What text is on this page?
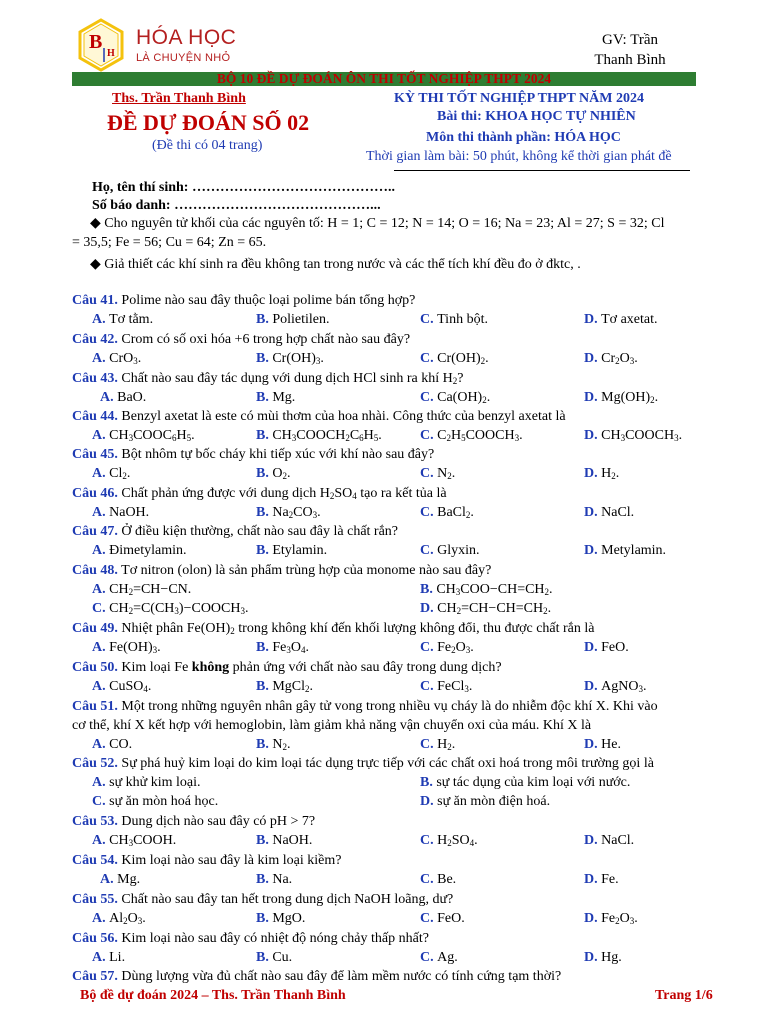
B
H
HÓA HỌC
LÀ CHUYỆN NHỎ
GV: Trần
Thanh Bình
BỘ 10 ĐỀ DỰ ĐOÁN ÔN THI TỐT NGHIỆP THPT 2024
Ths. Trần Thanh Bình
ĐỀ DỰ ĐOÁN SỐ 02
(Đề thi có 04 trang)
KỲ THI TỐT NGHIỆP THPT NĂM 2024
Bài thi: KHOA HỌC TỰ NHIÊN
Môn thi thành phần: HÓA HỌC
Thời gian làm bài: 50 phút, không kể thời gian phát đề
Họ, tên thí sinh: ……………………………………..
Số báo danh: ……………………………………...
◆ Cho nguyên tử khối của các nguyên tố: H = 1; C = 12; N = 14; O = 16; Na = 23; Al = 27; S = 32; Cl
= 35,5; Fe = 56; Cu = 64; Zn = 65.
◆ Giả thiết các khí sinh ra đều không tan trong nước và các thể tích khí đều đo ở đktc, .
Câu 41. Polime nào sau đây thuộc loại polime bán tổng hợp?
A. Tơ tằm.	B. Polietilen.	C. Tinh bột.	D. Tơ axetat.
Câu 42. Crom có số oxi hóa +6 trong hợp chất nào sau đây?
A. CrO$_3$.	B. $Cr(OH)_3$.	C. $Cr(OH)_2$.	D. $Cr_2O_3$.
Câu 43. Chất nào sau đây tác dụng với dung dịch HCl sinh ra khí $H_2$?
A. BaO.	B. Mg.	C. $Ca(OH)_2$.	D. $Mg(OH)_2$.
Câu 44. Benzyl axetat là este có mùi thơm của hoa nhài. Công thức của benzyl axetat là
A. $CH_3COOC_6H_5$.	B. $CH_3COOCH_2C_6H_5$.	C. $C_2H_5COOCH_3$.	D. $CH_3COOCH_3$.
Câu 45. Bột nhôm tự bốc cháy khi tiếp xúc với khí nào sau đây?
A. $Cl_2$.	B. $O_2$.	C. $N_2$.	D. $H_2$.
Câu 46. Chất phản ứng được với dung dịch $H_2SO_4$ tạo ra kết tủa là
A. NaOH.	B. $Na_2CO_3$.	C. BaCl$_2$.	D. NaCl.
Câu 47. Ở điều kiện thường, chất nào sau đây là chất rắn?
A. Đimetylamin.	B. Etylamin.	C. Glyxin.	D. Metylamin.
Câu 48. Tơ nitron (olon) là sản phẩm trùng hợp của monome nào sau đây?
A. $CH_2=CH-CN$.	B. $CH_3COO-CH=CH_2$.
C. $CH_2=C(CH_3)-COOCH_3$.	D. $CH_2=CH-CH=CH_2$.
Câu 49. Nhiệt phân $Fe(OH)_2$ trong không khí đến khối lượng không đổi, thu được chất rắn là
A. $Fe(OH)_3$.	B. $Fe_3O_4$.	C. $Fe_2O_3$.	D. FeO.
Câu 50. Kim loại Fe không phản ứng với chất nào sau đây trong dung dịch?
A. CuSO$_4$.	B. MgCl$_2$.	C. FeCl$_3$.	D. AgNO$_3$.
Câu 51. Một trong những nguyên nhân gây tử vong trong nhiều vụ cháy là do nhiễm độc khí X. Khi vào
cơ thể, khí X kết hợp với hemoglobin, làm giảm khả năng vận chuyển oxi của máu. Khí X là
A. CO.	B. $N_2$.	C. $H_2$.	D. He.
Câu 52. Sự phá huỷ kim loại do kim loại tác dụng trực tiếp với các chất oxi hoá trong môi trường gọi là
A. sự khử kim loại.	B. sự tác dụng của kim loại với nước.
C. sự ăn mòn hoá học.	D. sự ăn mòn điện hoá.
Câu 53. Dung dịch nào sau đây có pH > 7?
A. $CH_3COOH$.	B. NaOH.	C. $H_2SO_4$.	D. NaCl.
Câu 54. Kim loại nào sau đây là kim loại kiềm?
A. Mg.	B. Na.	C. Be.	D. Fe.
Câu 55. Chất nào sau đây tan hết trong dung dịch NaOH loãng, dư?
A. $Al_2O_3$.	B. MgO.	C. FeO.	D. $Fe_2O_3$.
Câu 56. Kim loại nào sau đây có nhiệt độ nóng chảy thấp nhất?
A. Li.	B. Cu.	C. Ag.	D. Hg.
Câu 57. Dùng lượng vừa đủ chất nào sau đây để làm mềm nước có tính cứng tạm thời?
Bộ đề dự đoán 2024 – Ths. Trần Thanh Bình	Trang 1/6
